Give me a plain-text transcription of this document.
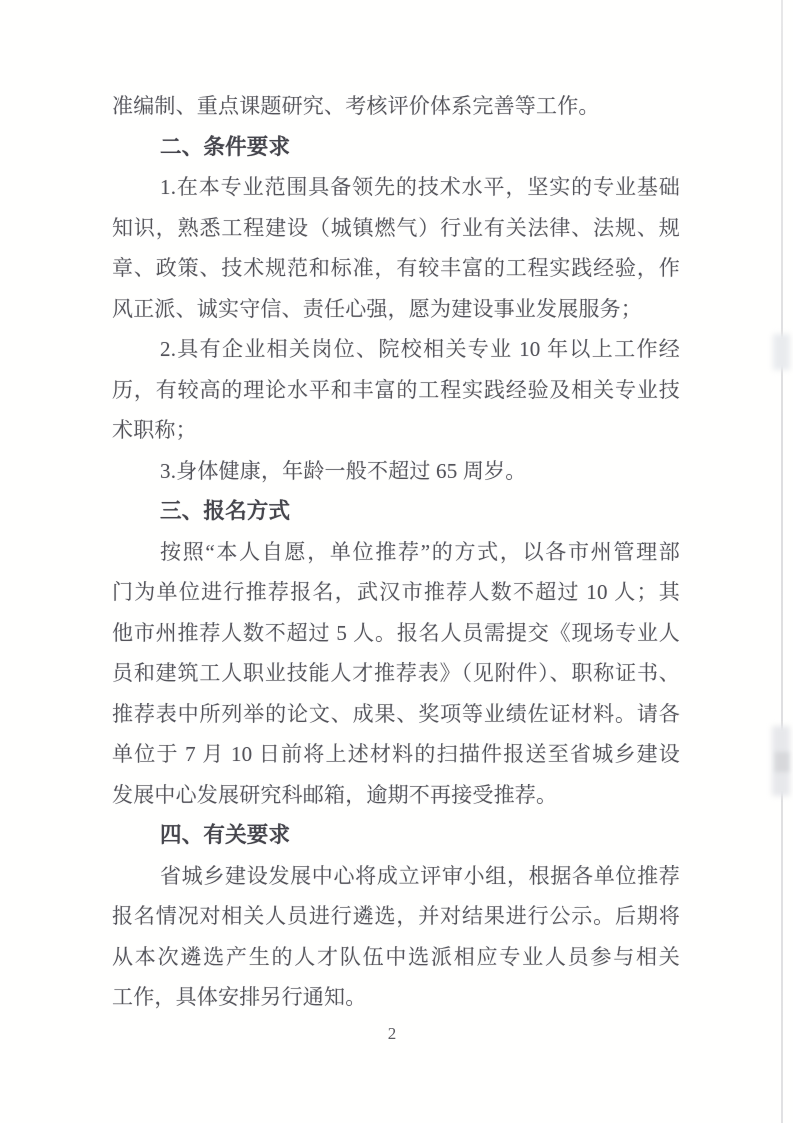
准编制、重点课题研究、考核评价体系完善等工作。
二、条件要求
1.在本专业范围具备领先的技术水平，坚实的专业基础
知识，熟悉工程建设（城镇燃气）行业有关法律、法规、规
章、政策、技术规范和标准，有较丰富的工程实践经验，作
风正派、诚实守信、责任心强，愿为建设事业发展服务；
2.具有企业相关岗位、院校相关专业 10 年以上工作经
历，有较高的理论水平和丰富的工程实践经验及相关专业技
术职称；
3.身体健康，年龄一般不超过 65 周岁。
三、报名方式
按照“本人自愿，单位推荐”的方式，以各市州管理部
门为单位进行推荐报名，武汉市推荐人数不超过 10 人；其
他市州推荐人数不超过 5 人。报名人员需提交《现场专业人
员和建筑工人职业技能人才推荐表》（见附件）、职称证书、
推荐表中所列举的论文、成果、奖项等业绩佐证材料。请各
单位于 7 月 10 日前将上述材料的扫描件报送至省城乡建设
发展中心发展研究科邮箱，逾期不再接受推荐。
四、有关要求
省城乡建设发展中心将成立评审小组，根据各单位推荐
报名情况对相关人员进行遴选，并对结果进行公示。后期将
从本次遴选产生的人才队伍中选派相应专业人员参与相关
工作，具体安排另行通知。
2
